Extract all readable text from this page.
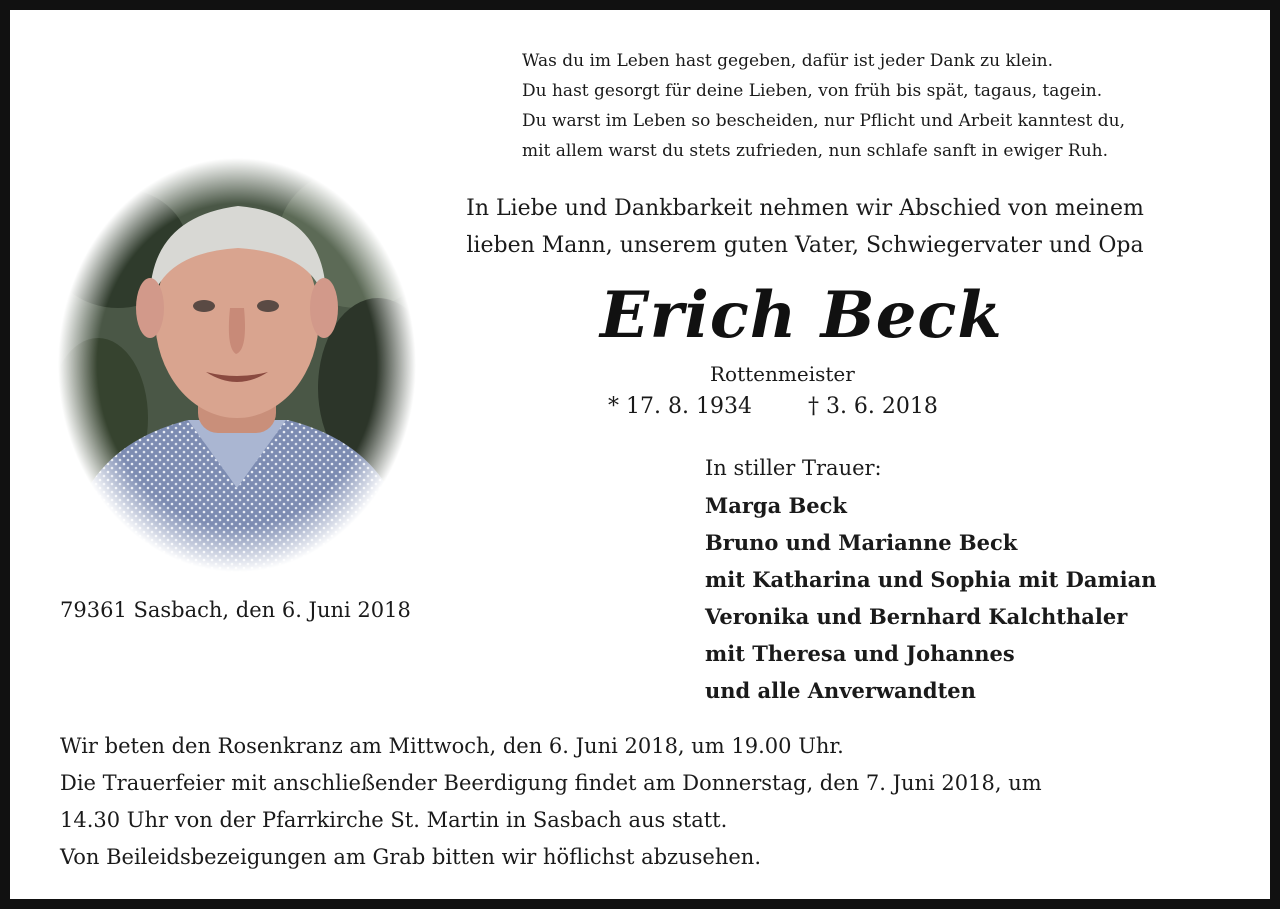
Was du im Leben hast gegeben, dafür ist jeder Dank zu klein.
Du hast gesorgt für deine Lieben, von früh bis spät, tagaus, tagein.
Du warst im Leben so bescheiden, nur Pflicht und Arbeit kanntest du,
mit allem warst du stets zufrieden, nun schlafe sanft in ewiger Ruh.
In Liebe und Dankbarkeit nehmen wir Abschied von meinem
lieben Mann, unserem guten Vater, Schwiegervater und Opa
Erich Beck
Rottenmeister
* 17. 8. 1934	† 3. 6. 2018
In stiller Trauer:
Marga Beck
Bruno und Marianne Beck
mit Katharina und Sophia mit Damian
Veronika und Bernhard Kalchthaler
mit Theresa und Johannes
und alle Anverwandten
79361 Sasbach, den 6. Juni 2018
Wir beten den Rosenkranz am Mittwoch, den 6. Juni 2018, um 19.00 Uhr.
Die Trauerfeier mit anschließender Beerdigung findet am Donnerstag, den 7. Juni 2018, um
14.30 Uhr von der Pfarrkirche St. Martin in Sasbach aus statt.
Von Beileidsbezeigungen am Grab bitten wir höflichst abzusehen.
